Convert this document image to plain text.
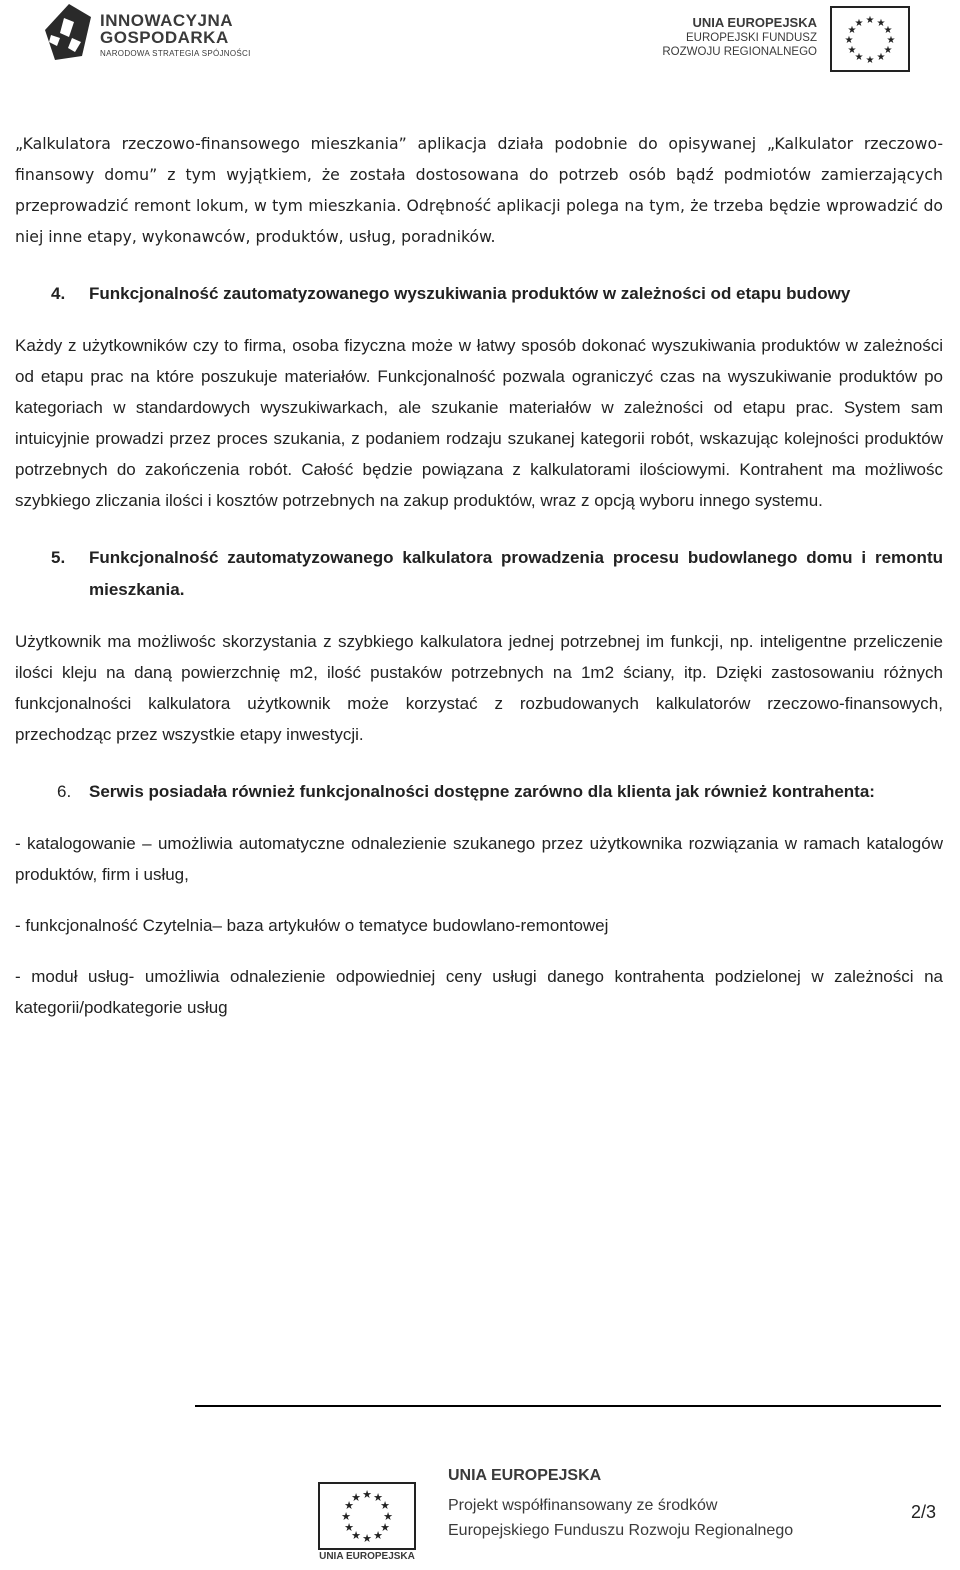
INNOWACYJNA
GOSPODARKA
NARODOWA STRATEGIA SPÓJNOŚCI
UNIA EUROPEJSKA
EUROPEJSKI FUNDUSZ
ROZWOJU REGIONALNEGO
★ ★
★
★
★
★
★
★
★
★
★
★

„Kalkulatora rzeczowo-finansowego mieszkania” aplikacja działa podobnie do opisywanej „Kalkulator rzeczowo-finansowy domu” z tym wyjątkiem, że została dostosowana do potrzeb osób bądź podmiotów zamierzających przeprowadzić remont lokum, w tym mieszkania. Odrębność aplikacji polega na tym, że trzeba będzie wprowadzić do niej inne etapy, wykonawców, produktów, usług, poradników.

4. Funkcjonalność zautomatyzowanego wyszukiwania produktów w zależności od etapu budowy

Każdy z użytkowników czy to firma, osoba fizyczna może w łatwy sposób dokonać wyszukiwania produktów w zależności od etapu prac na które poszukuje materiałów. Funkcjonalność pozwala ograniczyć czas na wyszukiwanie produktów po kategoriach w standardowych wyszukiwarkach, ale szukanie materiałów w zależności od etapu prac. System sam intuicyjnie prowadzi przez proces szukania, z podaniem rodzaju szukanej kategorii robót, wskazując kolejności produktów potrzebnych do zakończenia robót. Całość będzie powiązana z kalkulatorami ilościowymi. Kontrahent ma możliwośc szybkiego zliczania ilości i kosztów potrzebnych na zakup produktów, wraz z opcją wyboru innego systemu.

5. Funkcjonalność zautomatyzowanego kalkulatora prowadzenia procesu budowlanego domu i remontu mieszkania.

Użytkownik ma możliwośc skorzystania z szybkiego kalkulatora jednej potrzebnej im funkcji, np. inteligentne przeliczenie ilości kleju na daną powierzchnię m2, ilość pustaków potrzebnych na 1m2 ściany, itp. Dzięki zastosowaniu różnych funkcjonalności kalkulatora użytkownik może korzystać z rozbudowanych kalkulatorów rzeczowo-finansowych, przechodząc przez wszystkie etapy inwestycji.

6. Serwis posiadała również funkcjonalności dostępne zarówno dla klienta jak również kontrahenta:

- katalogowanie – umożliwia automatyczne odnalezienie szukanego przez użytkownika rozwiązania w ramach katalogów produktów, firm i usług,

- funkcjonalność Czytelnia– baza artykułów o tematyce budowlano-remontowej

- moduł usług- umożliwia odnalezienie odpowiedniej ceny usługi danego kontrahenta podzielonej w zależności na kategorii/podkategorie usług

★ ★
★
★
★
★
★
★
★
★
★
★
UNIA EUROPEJSKA
UNIA EUROPEJSKA
Projekt współfinansowany ze środków
Europejskiego Funduszu Rozwoju Regionalnego
2/3
